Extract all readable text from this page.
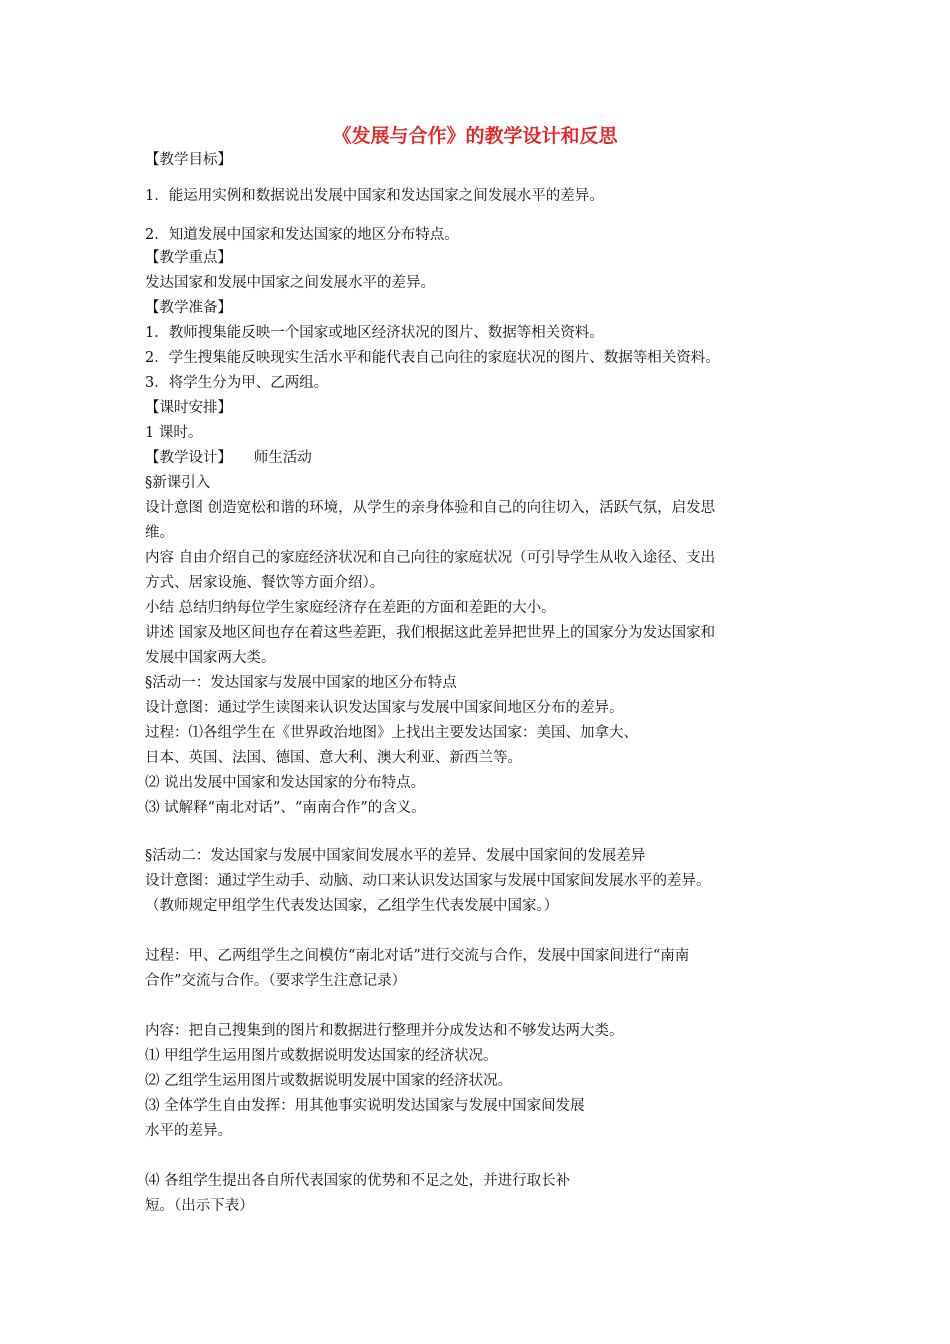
《发展与合作》的教学设计和反思

【教学目标】

1．能运用实例和数据说出发展中国家和发达国家之间发展水平的差异。

2．知道发展中国家和发达国家的地区分布特点。

【教学重点】

发达国家和发展中国家之间发展水平的差异。

【教学准备】

1．教师搜集能反映一个国家或地区经济状况的图片、数据等相关资料。

2．学生搜集能反映现实生活水平和能代表自己向往的家庭状况的图片、数据等相关资料。

3．将学生分为甲、乙两组。

【课时安排】

1 课时。

【教学设计】　　师生活动

§新课引入

设计意图 创造宽松和谐的环境，从学生的亲身体验和自己的向往切入，活跃气氛，启发思

维。

内容 自由介绍自己的家庭经济状况和自己向往的家庭状况（可引导学生从收入途径、支出

方式、居家设施、餐饮等方面介绍）。

小结 总结归纳每位学生家庭经济存在差距的方面和差距的大小。

讲述 国家及地区间也存在着这些差距，我们根据这此差异把世界上的国家分为发达国家和

发展中国家两大类。

§活动一：发达国家与发展中国家的地区分布特点

设计意图：通过学生读图来认识发达国家与发展中国家间地区分布的差异。

过程：⑴各组学生在《世界政治地图》上找出主要发达国家：美国、加拿大、

日本、英国、法国、德国、意大利、澳大利亚、新西兰等。

⑵ 说出发展中国家和发达国家的分布特点。

⑶ 试解释“南北对话”、“南南合作”的含义。

§活动二：发达国家与发展中国家间发展水平的差异、发展中国家间的发展差异

设计意图：通过学生动手、动脑、动口来认识发达国家与发展中国家间发展水平的差异。

（教师规定甲组学生代表发达国家，乙组学生代表发展中国家。）

过程：甲、乙两组学生之间模仿“南北对话”进行交流与合作，发展中国家间进行“南南

合作”交流与合作。（要求学生注意记录）

内容：把自己搜集到的图片和数据进行整理并分成发达和不够发达两大类。

⑴ 甲组学生运用图片或数据说明发达国家的经济状况。

⑵ 乙组学生运用图片或数据说明发展中国家的经济状况。

⑶ 全体学生自由发挥：用其他事实说明发达国家与发展中国家间发展

水平的差异。

⑷ 各组学生提出各自所代表国家的优势和不足之处，并进行取长补

短。（出示下表）
